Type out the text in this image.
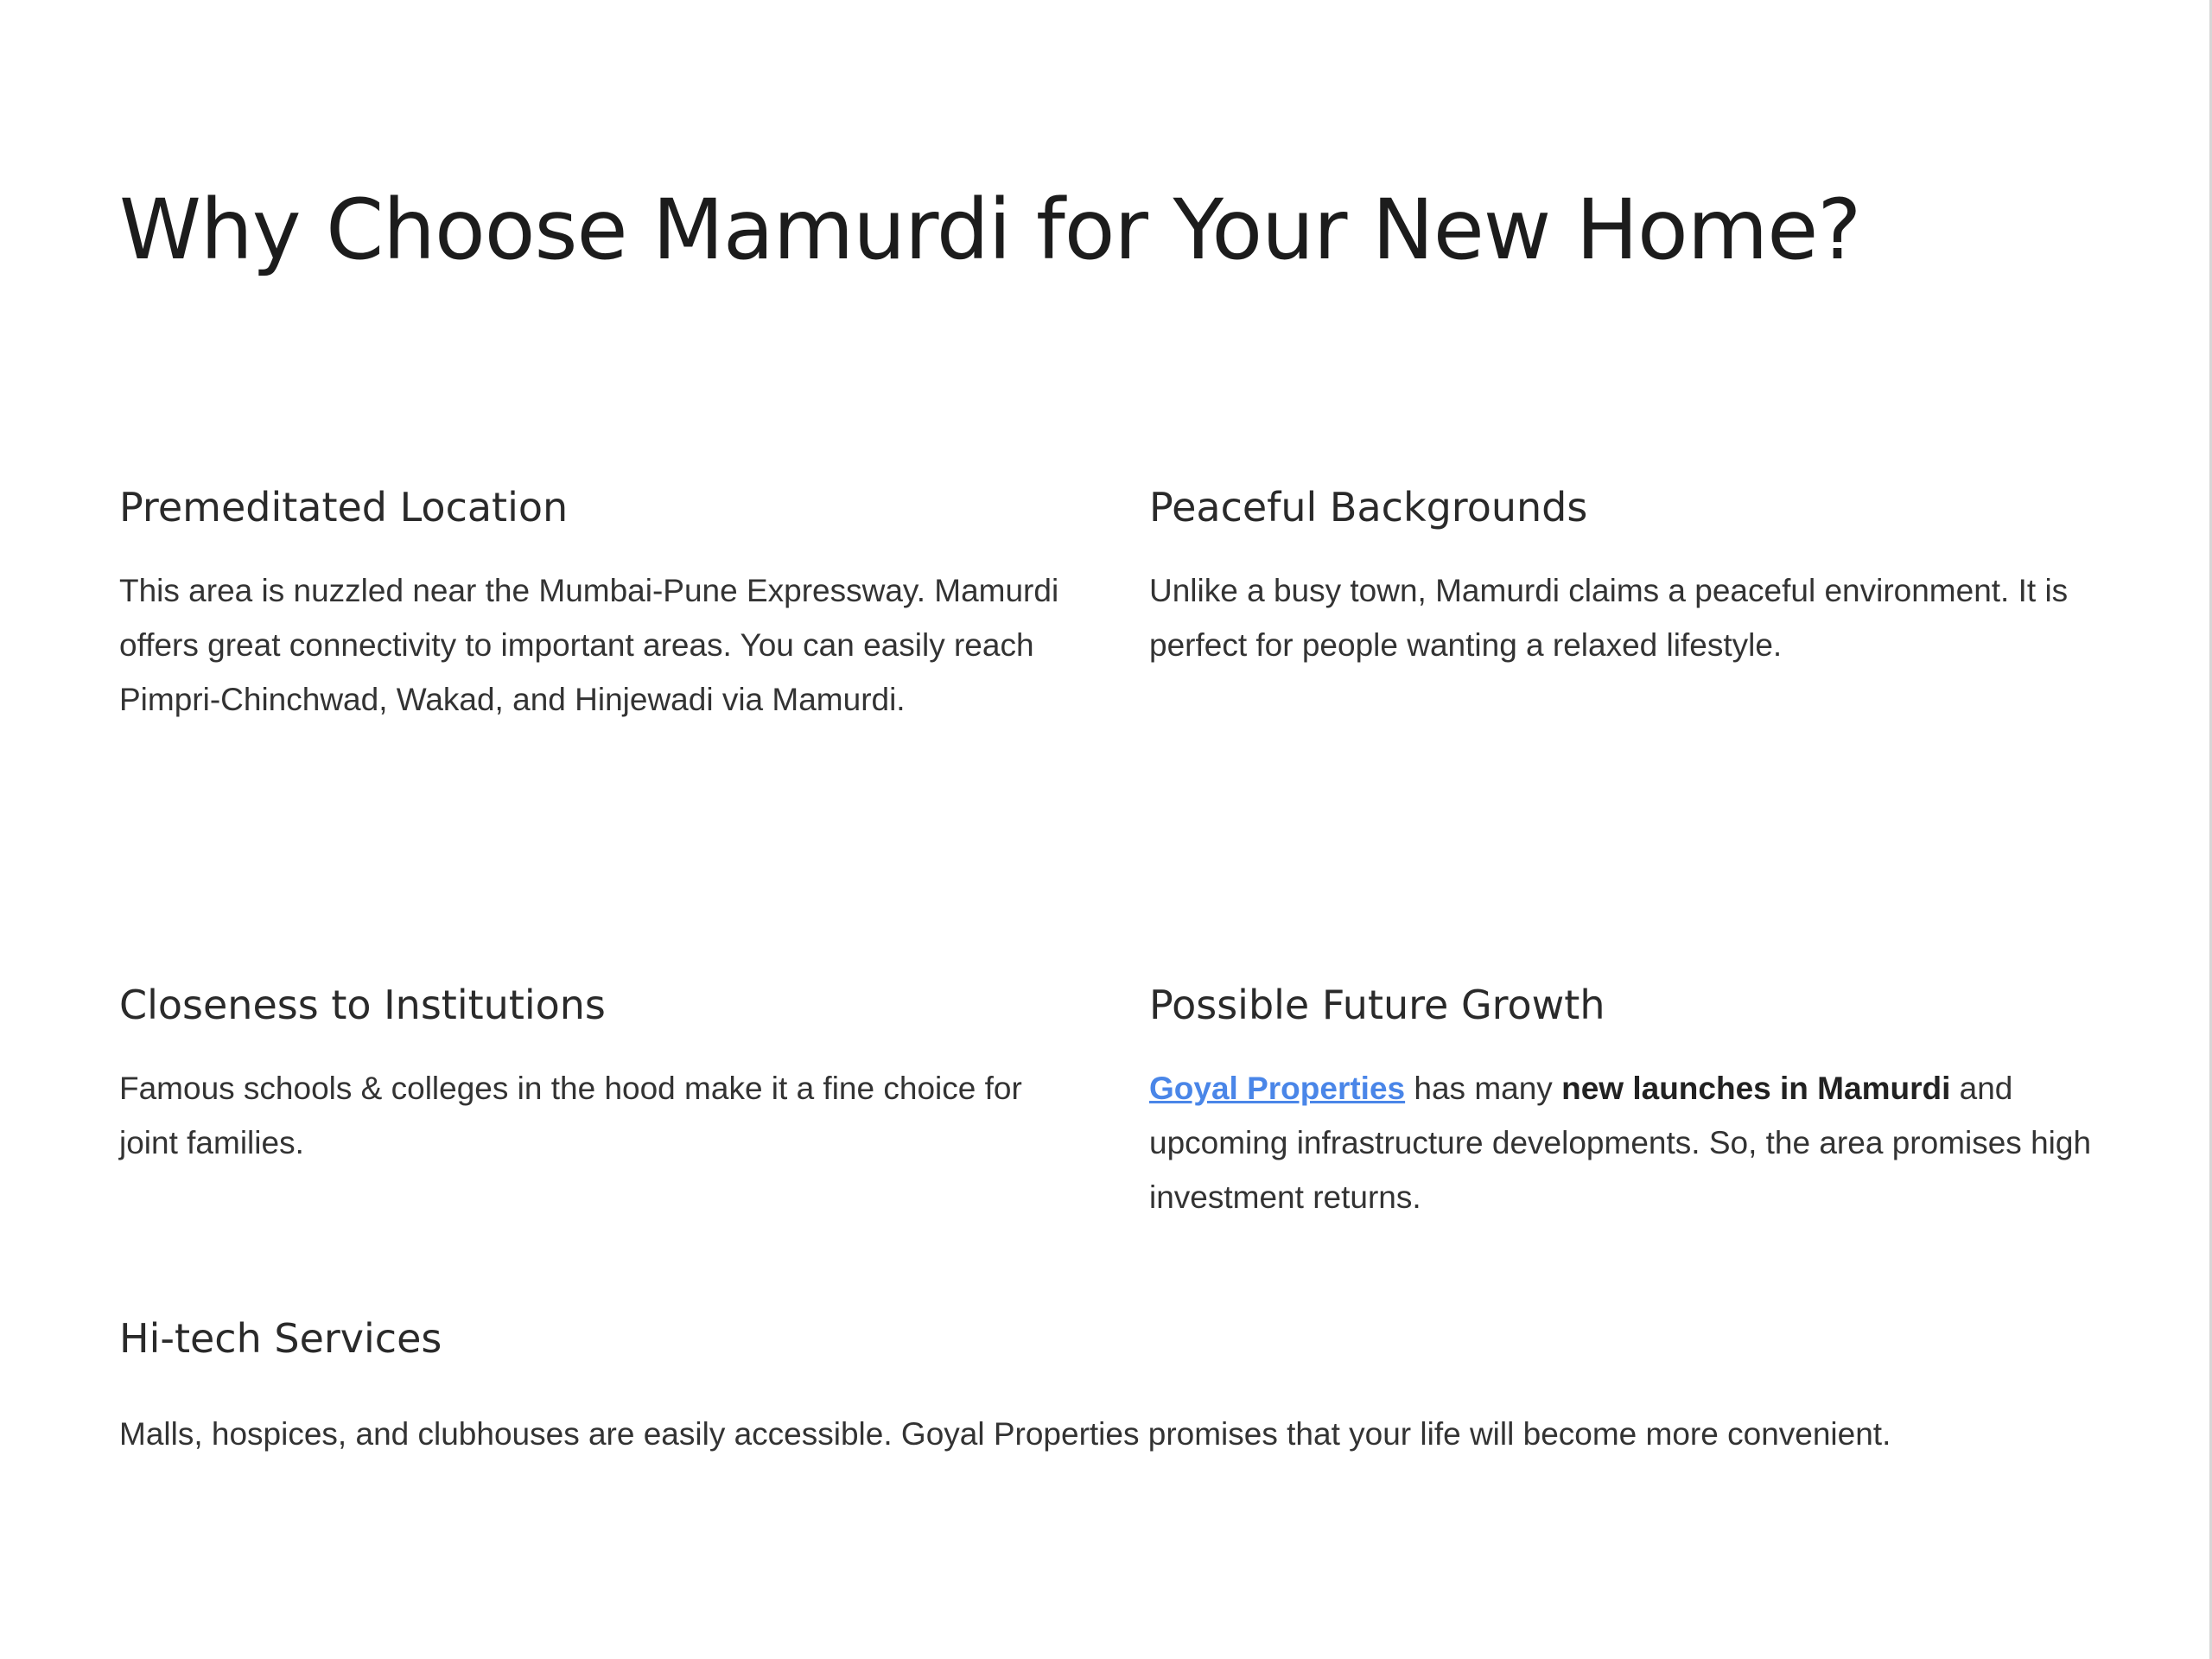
Why Choose Mamurdi for Your New Home?
Premeditated Location

This area is nuzzled near the Mumbai-Pune Expressway. Mamurdi offers great connectivity to important areas. You can easily reach Pimpri-Chinchwad, Wakad, and Hinjewadi via Mamurdi.

Peaceful Backgrounds

Unlike a busy town, Mamurdi claims a peaceful environment. It is perfect for people wanting a relaxed lifestyle.

Closeness to Institutions

Famous schools & colleges in the hood make it a fine choice for joint families.

Possible Future Growth

Goyal Properties has many new launches in Mamurdi and upcoming infrastructure developments. So, the area promises high investment returns.

Hi-tech Services

Malls, hospices, and clubhouses are easily accessible. Goyal Properties promises that your life will become more convenient.
